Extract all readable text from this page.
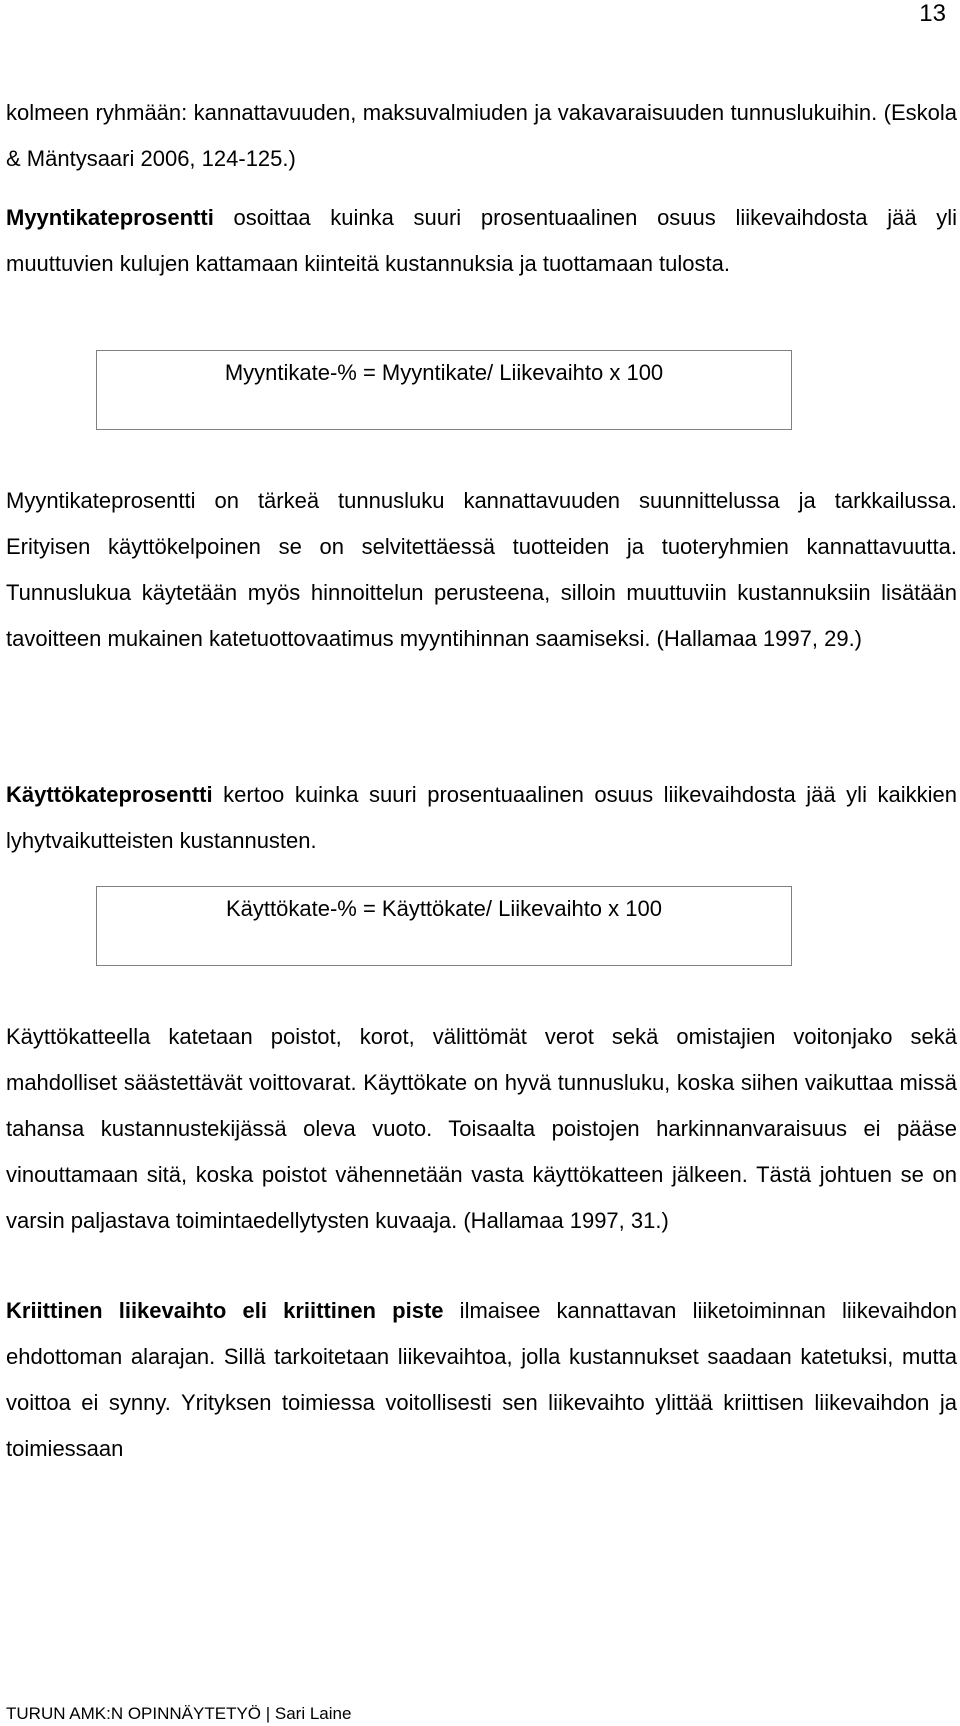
13

kolmeen ryhmään: kannattavuuden, maksuvalmiuden ja vakavaraisuuden tunnuslukuihin. (Eskola & Mäntysaari 2006, 124-125.)

Myyntikateprosentti osoittaa kuinka suuri prosentuaalinen osuus liikevaihdosta jää yli muuttuvien kulujen kattamaan kiinteitä kustannuksia ja tuottamaan tulosta.

Myyntikate-% = Myyntikate/ Liikevaihto x 100

Myyntikateprosentti on tärkeä tunnusluku kannattavuuden suunnittelussa ja tarkkailussa. Erityisen käyttökelpoinen se on selvitettäessä tuotteiden ja tuoteryhmien kannattavuutta. Tunnuslukua käytetään myös hinnoittelun perusteena, silloin muuttuviin kustannuksiin lisätään tavoitteen mukainen katetuottovaatimus myyntihinnan saamiseksi. (Hallamaa 1997, 29.)

Käyttökateprosentti kertoo kuinka suuri prosentuaalinen osuus liikevaihdosta jää yli kaikkien lyhytvaikutteisten kustannusten.

Käyttökate-% = Käyttökate/ Liikevaihto x 100

Käyttökatteella katetaan poistot, korot, välittömät verot sekä omistajien voitonjako sekä mahdolliset säästettävät voittovarat. Käyttökate on hyvä tunnusluku, koska siihen vaikuttaa missä tahansa kustannustekijässä oleva vuoto. Toisaalta poistojen harkinnanvaraisuus ei pääse vinouttamaan sitä, koska poistot vähennetään vasta käyttökatteen jälkeen. Tästä johtuen se on varsin paljastava toimintaedellytysten kuvaaja. (Hallamaa 1997, 31.)

Kriittinen liikevaihto eli kriittinen piste ilmaisee kannattavan liiketoiminnan liikevaihdon ehdottoman alarajan. Sillä tarkoitetaan liikevaihtoa, jolla kustannukset saadaan katetuksi, mutta voittoa ei synny. Yrityksen toimiessa voitollisesti sen liikevaihto ylittää kriittisen liikevaihdon ja toimiessaan

TURUN AMK:N OPINNÄYTETYÖ | Sari Laine
